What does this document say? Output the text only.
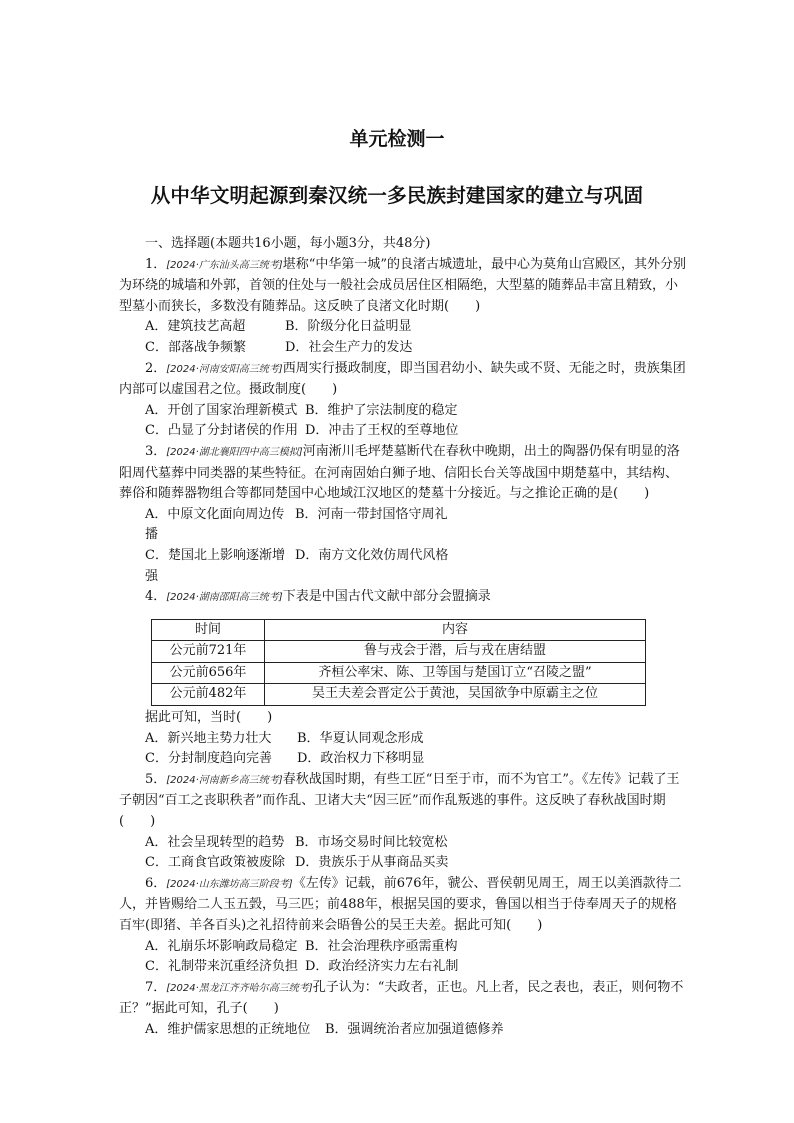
单元检测一
从中华文明起源到秦汉统一多民族封建国家的建立与巩固

一、选择题(本题共16小题，每小题3分，共48分)

1．[2024·广东汕头高三统考]堪称“中华第一城”的良渚古城遗址，最中心为莫角山宫殿区，其外分别为环绕的城墙和外郭，首领的住处与一般社会成员居住区相隔绝，大型墓的随葬品丰富且精致，小型墓小而狭长，多数没有随葬品。这反映了良渚文化时期(　　)

A．建筑技艺高超	B．阶级分化日益明显
C．部落战争频繁	D．社会生产力的发达

2．[2024·河南安阳高三统考]西周实行摄政制度，即当国君幼小、缺失或不贤、无能之时，贵族集团内部可以虚国君之位。摄政制度(　　)

A．开创了国家治理新模式 B．维护了宗法制度的稳定
C．凸显了分封诸侯的作用 D．冲击了王权的至尊地位

3．[2024·湖北襄阳四中高三模拟]河南淅川毛坪楚墓断代在春秋中晚期，出土的陶器仍保有明显的洛阳周代墓葬中同类器的某些特征。在河南固始白狮子地、信阳长台关等战国中期楚墓中，其结构、葬俗和随葬器物组合等都同楚国中心地域江汉地区的楚墓十分接近。与之推论正确的是(　　)

A．中原文化面向周边传播
B．河南一带封国恪守周礼
C．楚国北上影响逐渐增强
D．南方文化效仿周代风格

4．[2024·湖南邵阳高三统考]下表是中国古代文献中部分会盟摘录

时间	内容
公元前721年	鲁与戎会于潜，后与戎在唐结盟
公元前656年	齐桓公率宋、陈、卫等国与楚国订立“召陵之盟”
公元前482年	吴王夫差会晋定公于黄池，吴国欲争中原霸主之位

据此可知，当时(　　)

A．新兴地主势力壮大	B．华夏认同观念形成
C．分封制度趋向完善	D．政治权力下移明显

5．[2024·河南新乡高三统考]春秋战国时期，有些工匠“日至于市，而不为官工”。《左传》记载了王子朝因“百工之丧职秩者”而作乱、卫诸大夫“因三匠”而作乱叛逃的事件。这反映了春秋战国时期(　　)

A．社会呈现转型的趋势 B．市场交易时间比较宽松
C．工商食官政策被废除 D．贵族乐于从事商品买卖

6．[2024·山东潍坊高三阶段考]《左传》记载，前676年，虢公、晋侯朝见周王，周王以美酒款待二人，并皆赐给二人玉五瑴，马三匹；前488年，根据吴国的要求，鲁国以相当于侍奉周天子的规格百牢(即猪、羊各百头)之礼招待前来会晤鲁公的吴王夫差。据此可知(　　)

A．礼崩乐坏影响政局稳定 B．社会治理秩序亟需重构
C．礼制带来沉重经济负担 D．政治经济实力左右礼制

7．[2024·黑龙江齐齐哈尔高三统考]孔子认为：“夫政者，正也。凡上者，民之表也，表正，则何物不正？”据此可知，孔子(　　)

A．维护儒家思想的正统地位	B．强调统治者应加强道德修养
